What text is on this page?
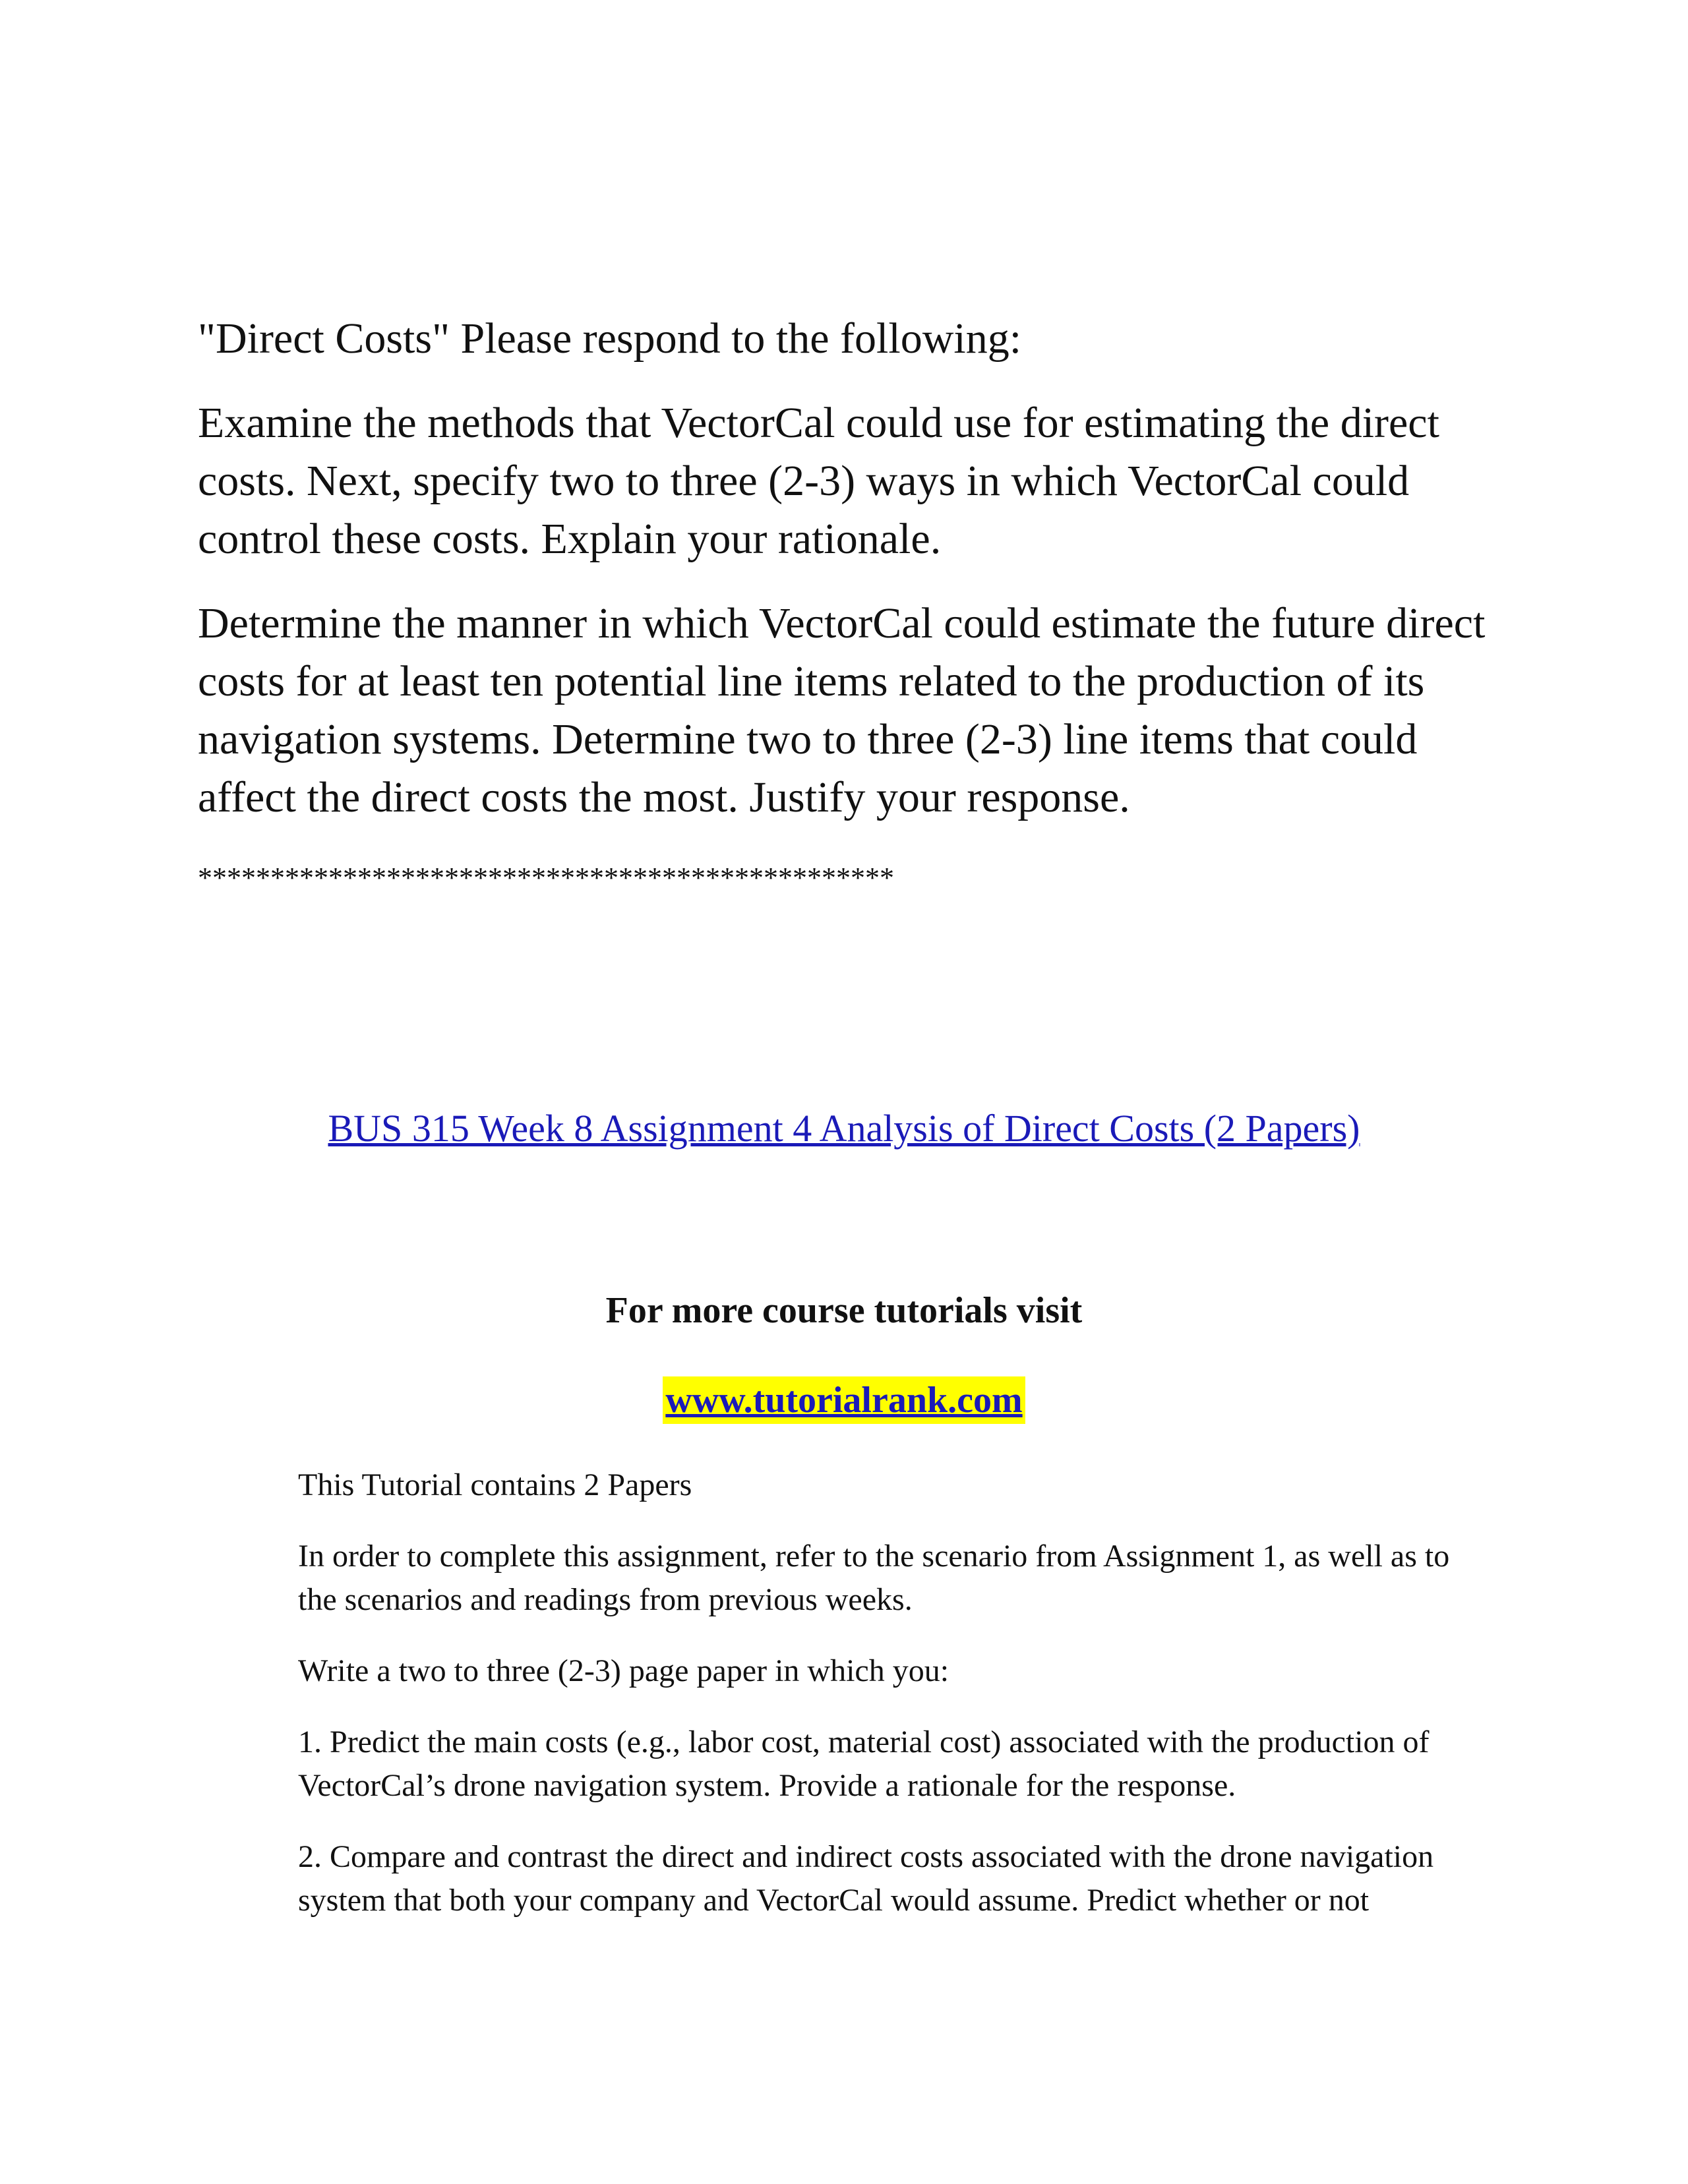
"Direct Costs" Please respond to the following:

Examine the methods that VectorCal could use for estimating the direct costs. Next, specify two to three (2-3) ways in which VectorCal could control these costs. Explain your rationale.

Determine the manner in which VectorCal could estimate the future direct costs for at least ten potential line items related to the production of its navigation systems. Determine two to three (2-3) line items that could affect the direct costs the most. Justify your response.

************************************************
BUS 315 Week 8 Assignment 4 Analysis of Direct Costs (2 Papers)
For more course tutorials visit
www.tutorialrank.com

This Tutorial contains 2 Papers

In order to complete this assignment, refer to the scenario from Assignment 1, as well as to the scenarios and readings from previous weeks.

Write a two to three (2-3) page paper in which you:

1. Predict the main costs (e.g., labor cost, material cost) associated with the production of VectorCal’s drone navigation system. Provide a rationale for the response.

2. Compare and contrast the direct and indirect costs associated with the drone navigation system that both your company and VectorCal would assume. Predict whether or not
